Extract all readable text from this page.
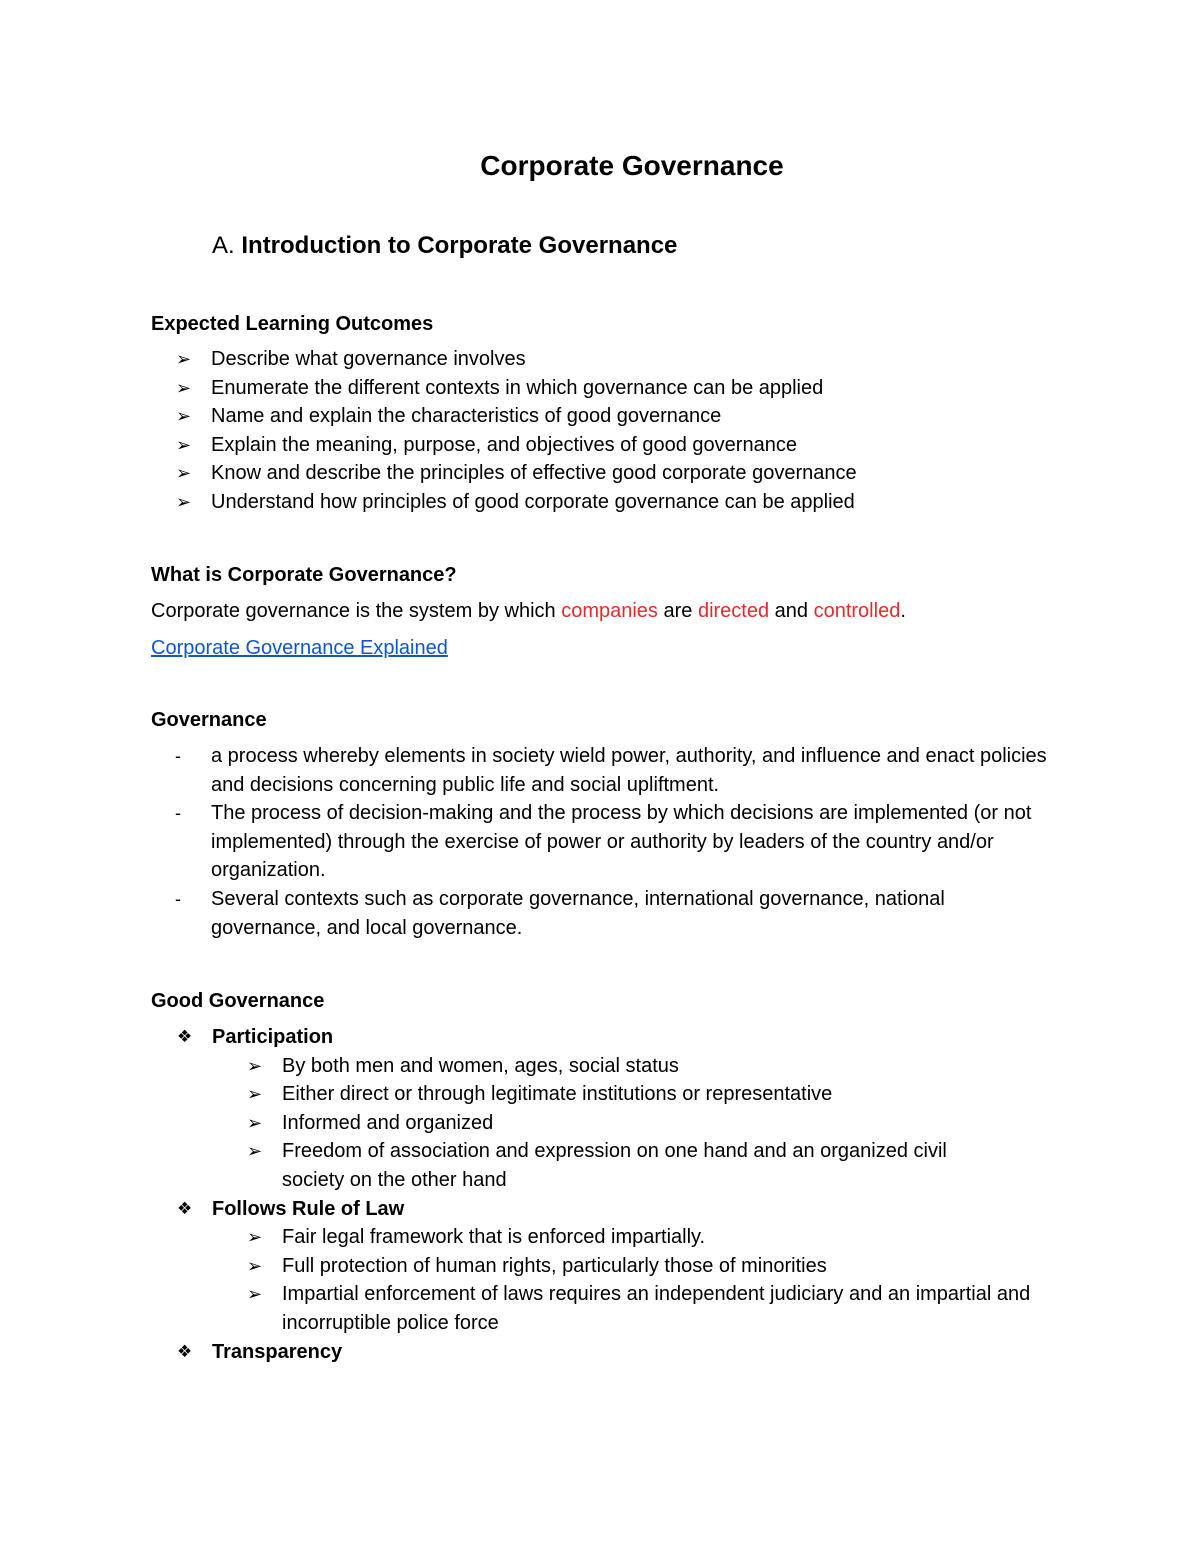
Corporate Governance
A. Introduction to Corporate Governance
Expected Learning Outcomes
➢ Describe what governance involves
➢ Enumerate the different contexts in which governance can be applied
➢ Name and explain the characteristics of good governance
➢ Explain the meaning, purpose, and objectives of good governance
➢ Know and describe the principles of effective good corporate governance
➢ Understand how principles of good corporate governance can be applied
What is Corporate Governance?

Corporate governance is the system by which companies are directed and controlled.

Corporate Governance Explained
Governance
- a process whereby elements in society wield power, authority, and influence and enact policies and decisions concerning public life and social upliftment.
- The process of decision-making and the process by which decisions are implemented (or not implemented) through the exercise of power or authority by leaders of the country and/or organization.
- Several contexts such as corporate governance, international governance, national governance, and local governance.
Good Governance
❖ Participation
➢ By both men and women, ages, social status
➢ Either direct or through legitimate institutions or representative
➢ Informed and organized
➢ Freedom of association and expression on one hand and an organized civil society on the other hand
❖ Follows Rule of Law
➢ Fair legal framework that is enforced impartially.
➢ Full protection of human rights, particularly those of minorities
➢ Impartial enforcement of laws requires an independent judiciary and an impartial and incorruptible police force
❖ Transparency
